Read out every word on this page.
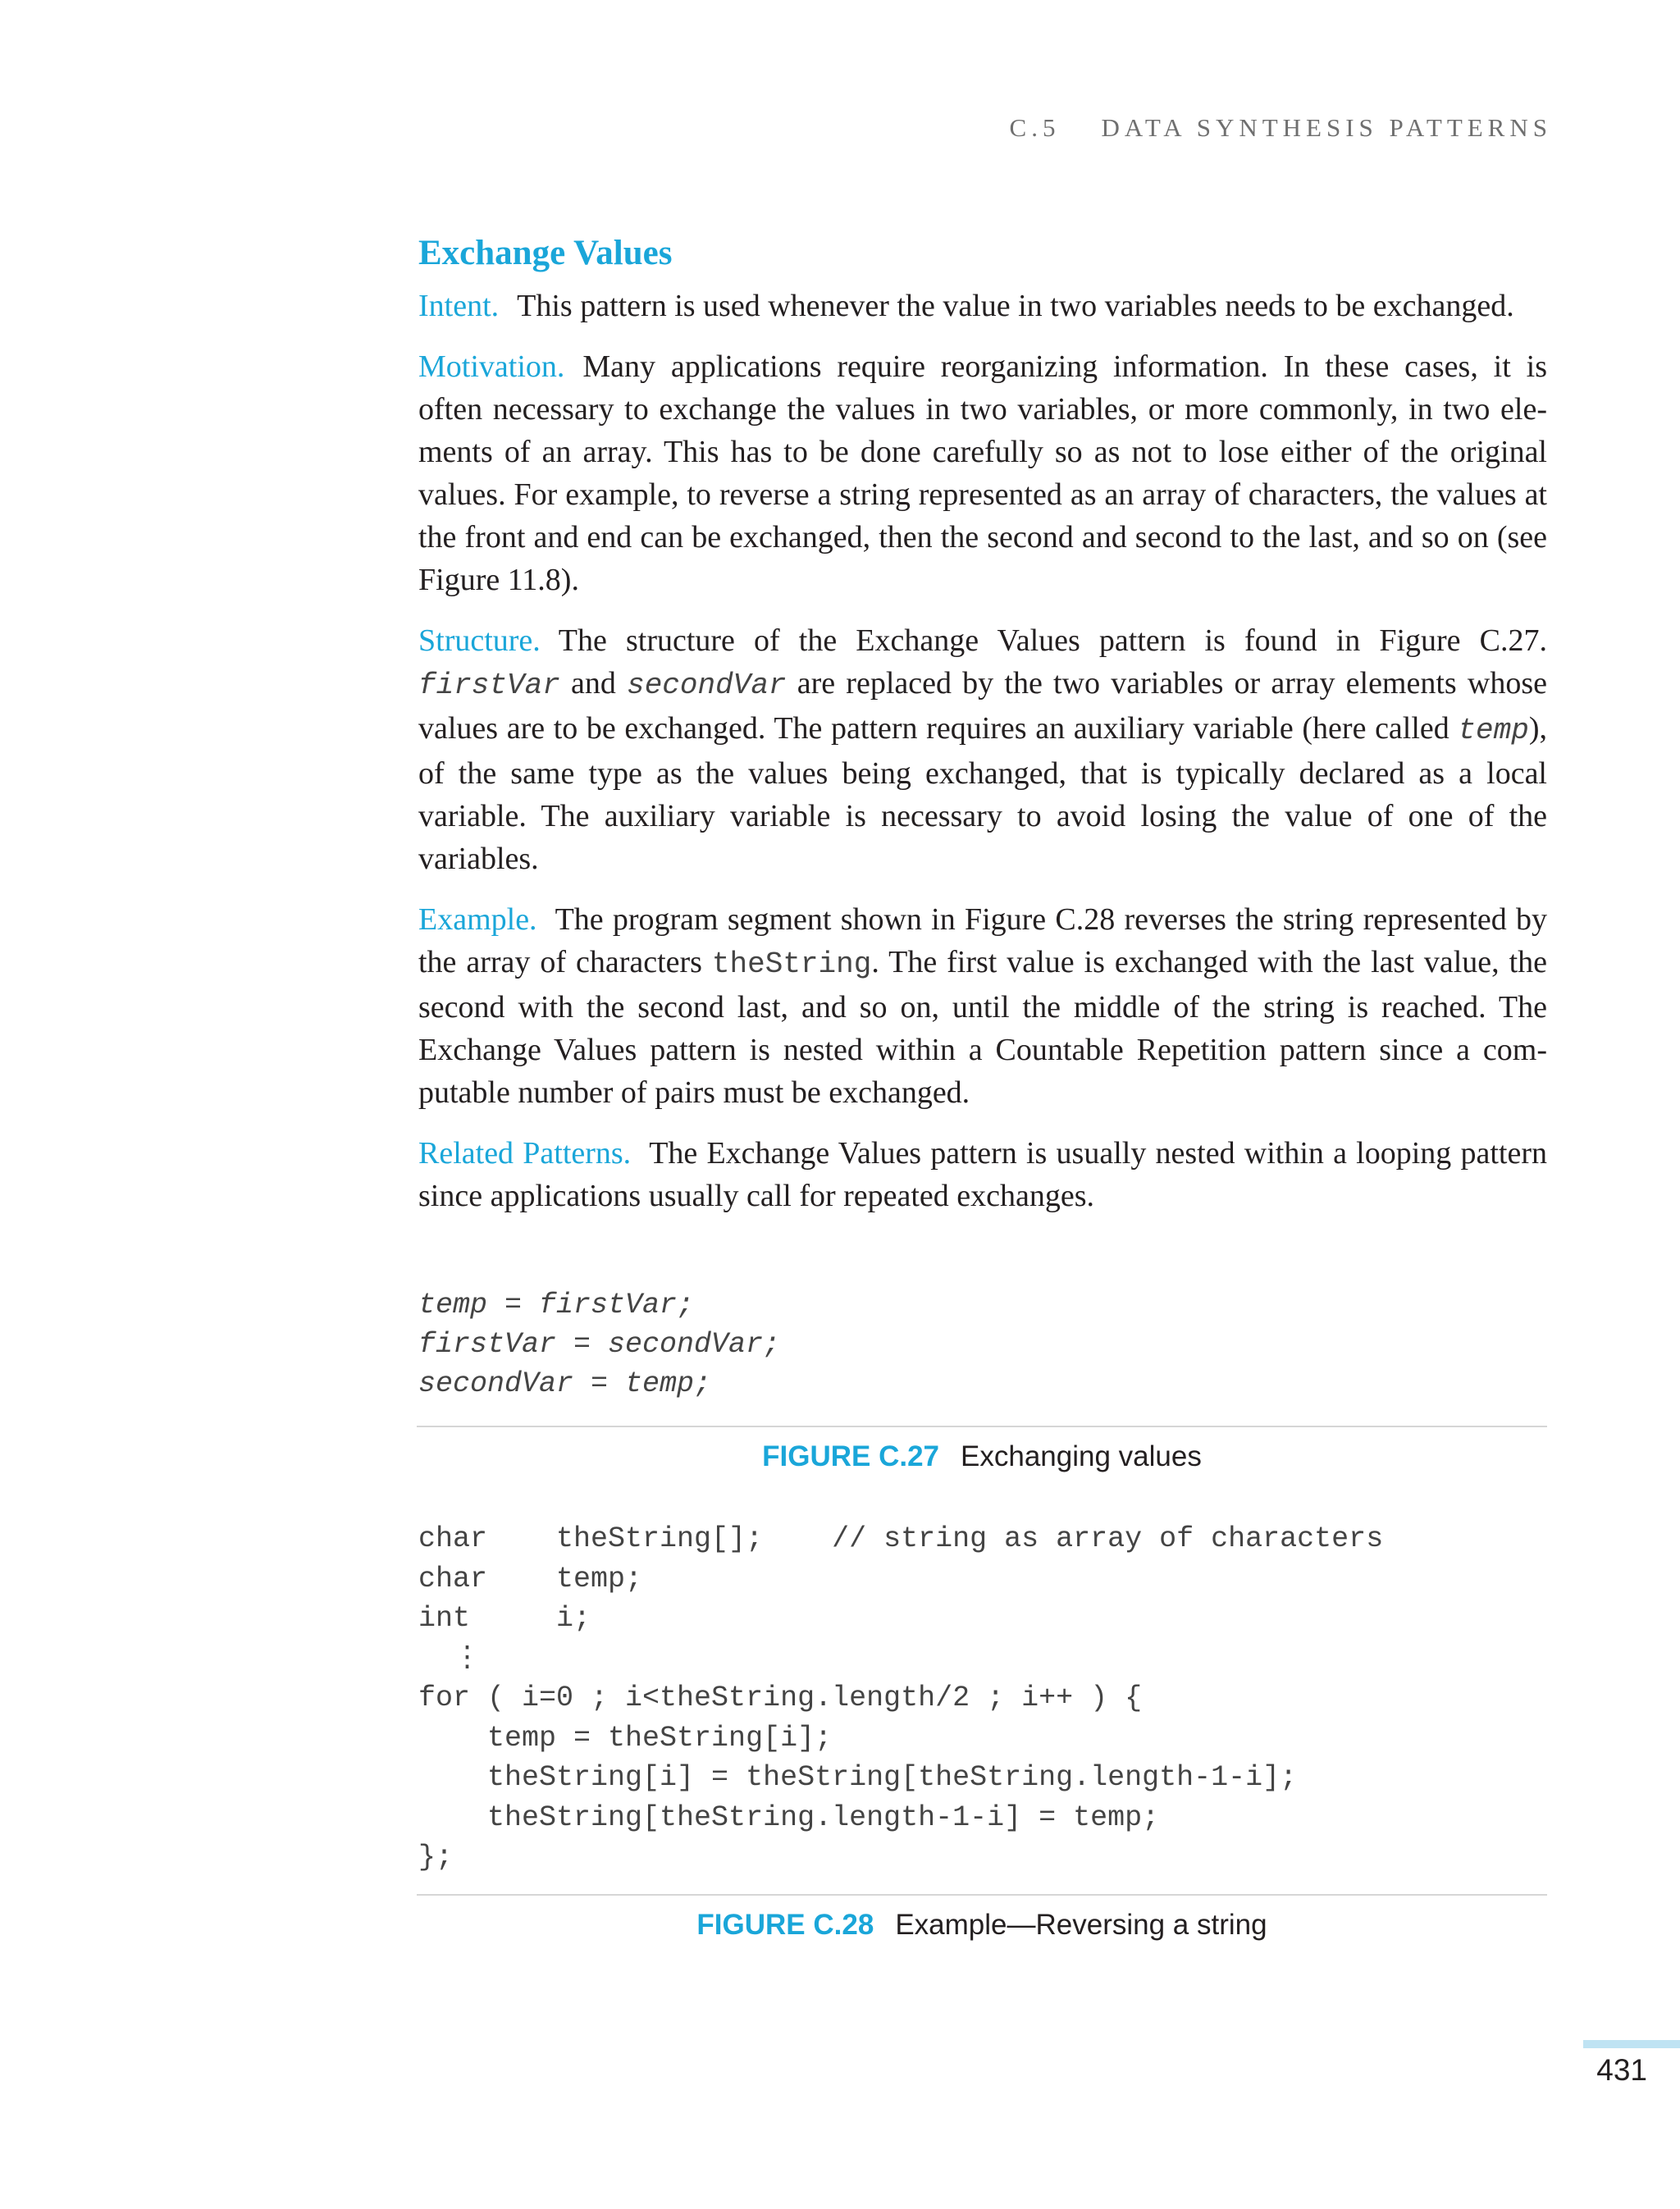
C.5 DATA SYNTHESIS PATTERNS
Exchange Values

Intent. This pattern is used whenever the value in two variables needs to be exchanged.

Motivation. Many applications require reorganizing information. In these cases, it is often necessary to exchange the values in two variables, or more commonly, in two elements of an array. This has to be done carefully so as not to lose either of the original values. For example, to reverse a string represented as an array of characters, the values at the front and end can be exchanged, then the second and second to the last, and so on (see Figure 11.8).

Structure. The structure of the Exchange Values pattern is found in Figure C.27. firstVar and secondVar are replaced by the two variables or array elements whose values are to be exchanged. The pattern requires an auxiliary variable (here called temp), of the same type as the values being exchanged, that is typically declared as a local variable. The auxiliary variable is necessary to avoid losing the value of one of the variables.

Example. The program segment shown in Figure C.28 reverses the string represented by the array of characters theString. The first value is exchanged with the last value, the second with the second last, and so on, until the middle of the string is reached. The Exchange Values pattern is nested within a Countable Repetition pattern since a computable number of pairs must be exchanged.

Related Patterns. The Exchange Values pattern is usually nested within a looping pattern since applications usually call for repeated exchanges.

temp = firstVar;
firstVar = secondVar;
secondVar = temp;
FIGURE C.27 Exchanging values
char    theString[];    // string as array of characters
char    temp;
int     i;
⋮
for ( i=0 ; i<theString.length/2 ; i++ ) {
temp = theString[i];
theString[i] = theString[theString.length-1-i];
theString[theString.length-1-i] = temp;
};
FIGURE C.28 Example—Reversing a string
431
